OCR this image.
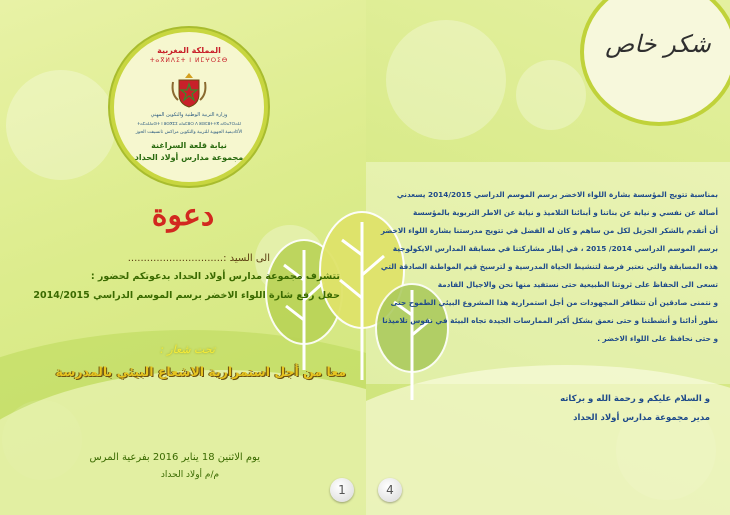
المملكة المغربية
ⵜⴰⴳⵍⴷⵉⵜ ⵏ ⵍⵎⵖⵔⵉⴱ
وزارة التربية الوطنية والتكوين المهني
ⵜⴰⵎⴰⵡⴰⵙⵜ ⵏ ⵓⵙⴳⵎⵉ ⴰⵏⴰⵎⵓⵔ ⴷ ⵓⵙⵎⵓⵜⵜⴳ ⴰⵙⴰⵢⵔⴰⵡ
الأكاديمية الجهوية للتربية والتكوين مراكش تانسيفت الحوز
نيابة قلعة السراغنة
مجموعة مدارس أولاد الحداد
دعوة
الى السيد :..............................
تتشرف مجموعة مدارس أولاد الحداد بدعوتكم لحضور :
حفل رفع شارة اللواء الاخضر برسم الموسم الدراسي 2014/2015
تحت شعار :
معا من أجل استمرارية الاشعاع البيئي بالمدرسة
يوم الاثنين 18 يناير 2016 بفرعية المرس
م/م أولاد الحداد
شكر خاص
بمناسبة تتويج المؤسسة بشارة اللواء الاخضر برسم الموسم الدراسي 2014/2015 يسعدني
أصالة عن نفسي و نيابة عن بناتنا و أبنائنا التلاميذ و نيابة عن الاطر التربوية بالمؤسسة
أن أتقدم بالشكر الجزيل لكل من ساهم و كان له الفضل في تتويج مدرستنا بشارة اللواء الاخضر
برسم الموسم الدراسي 2014/ 2015 ، في إطار مشاركتنا في مسابقة المدارس الايكولوجية
هذه المسابقة والتي نعتبر فرصة لتنشيط الحياة المدرسية و لترسيخ قيم المواطنة الصادقة التي
تسعى الى الحفاظ على ثروتنا الطبيعية حتى نستفيد منها نحن والاجيال القادمة
و نتمنى صادقين أن تتظافر المجهودات من أجل استمرارية هذا المشروع البيئي الطموح حتى
نطور أدائنا و أنشطتنا و حتى نعمق بشكل أكبر الممارسات الجيدة تجاه البيئة في نفوس تلاميذنا
و حتى نحافظ على اللواء الاخضر .
و السلام عليكم و رحمة الله و بركاته
مدير مجموعة مدارس أولاد الحداد
1	4
